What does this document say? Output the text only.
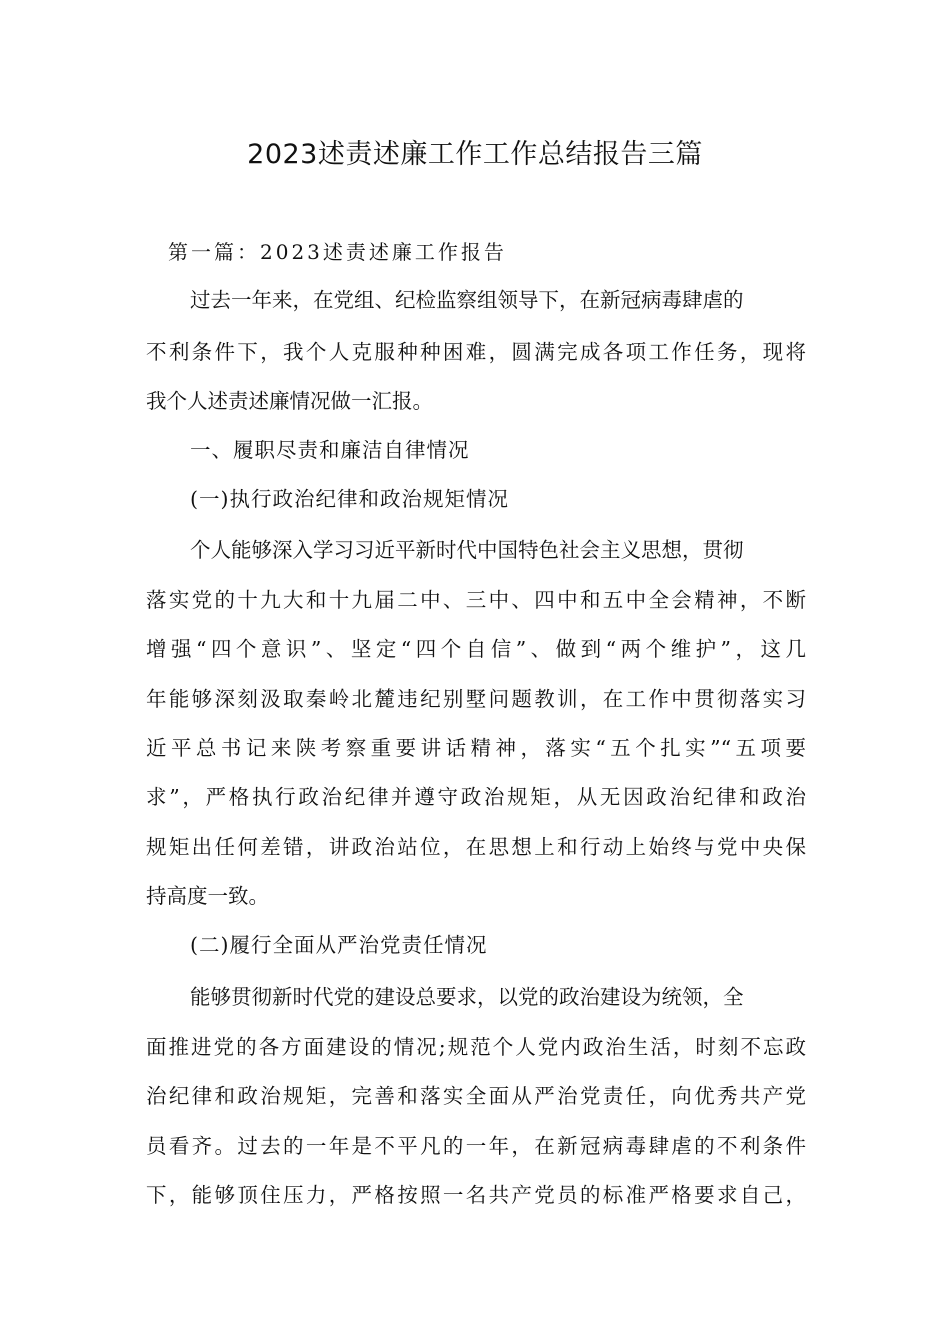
2023述责述廉工作工作总结报告三篇
第一篇：2023述责述廉工作报告
过去一年来，在党组、纪检监察组领导下，在新冠病毒肆虐的
不利条件下，我个人克服种种困难，圆满完成各项工作任务，现将
我个人述责述廉情况做一汇报。
一、履职尽责和廉洁自律情况
(一)执行政治纪律和政治规矩情况
个人能够深入学习习近平新时代中国特色社会主义思想，贯彻
落实党的十九大和十九届二中、三中、四中和五中全会精神，不断
增强“四个意识”、坚定“四个自信”、做到“两个维护”，这几
年能够深刻汲取秦岭北麓违纪别墅问题教训，在工作中贯彻落实习
近平总书记来陕考察重要讲话精神，落实“五个扎实”“五项要
求”，严格执行政治纪律并遵守政治规矩，从无因政治纪律和政治
规矩出任何差错，讲政治站位，在思想上和行动上始终与党中央保
持高度一致。
(二)履行全面从严治党责任情况
能够贯彻新时代党的建设总要求，以党的政治建设为统领，全
面推进党的各方面建设的情况;规范个人党内政治生活，时刻不忘政
治纪律和政治规矩，完善和落实全面从严治党责任，向优秀共产党
员看齐。过去的一年是不平凡的一年，在新冠病毒肆虐的不利条件
下，能够顶住压力，严格按照一名共产党员的标准严格要求自己，
